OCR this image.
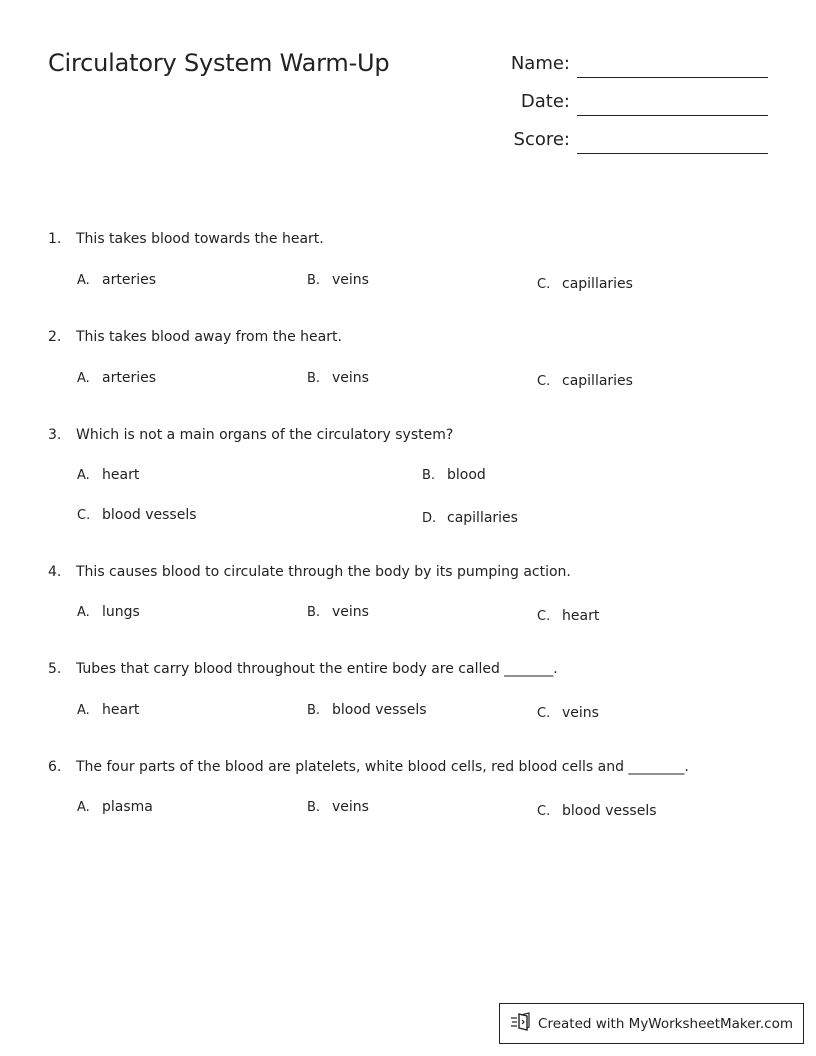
Circulatory System Warm-Up	Name:
Date:
Score:
1. This takes blood towards the heart.
A. arteries	B. veins	C. capillaries
2. This takes blood away from the heart.
A. arteries	B. veins	C. capillaries
3. Which is not a main organs of the circulatory system?
A. heart	B. blood
C. blood vessels	D. capillaries
4. This causes blood to circulate through the body by its pumping action.
A. lungs	B. veins	C. heart
5. Tubes that carry blood throughout the entire body are called _______.
A. heart	B. blood vessels	C. veins
6. The four parts of the blood are platelets, white blood cells, red blood cells and ________.
A. plasma	B. veins	C. blood vessels
Created with MyWorksheetMaker.com
